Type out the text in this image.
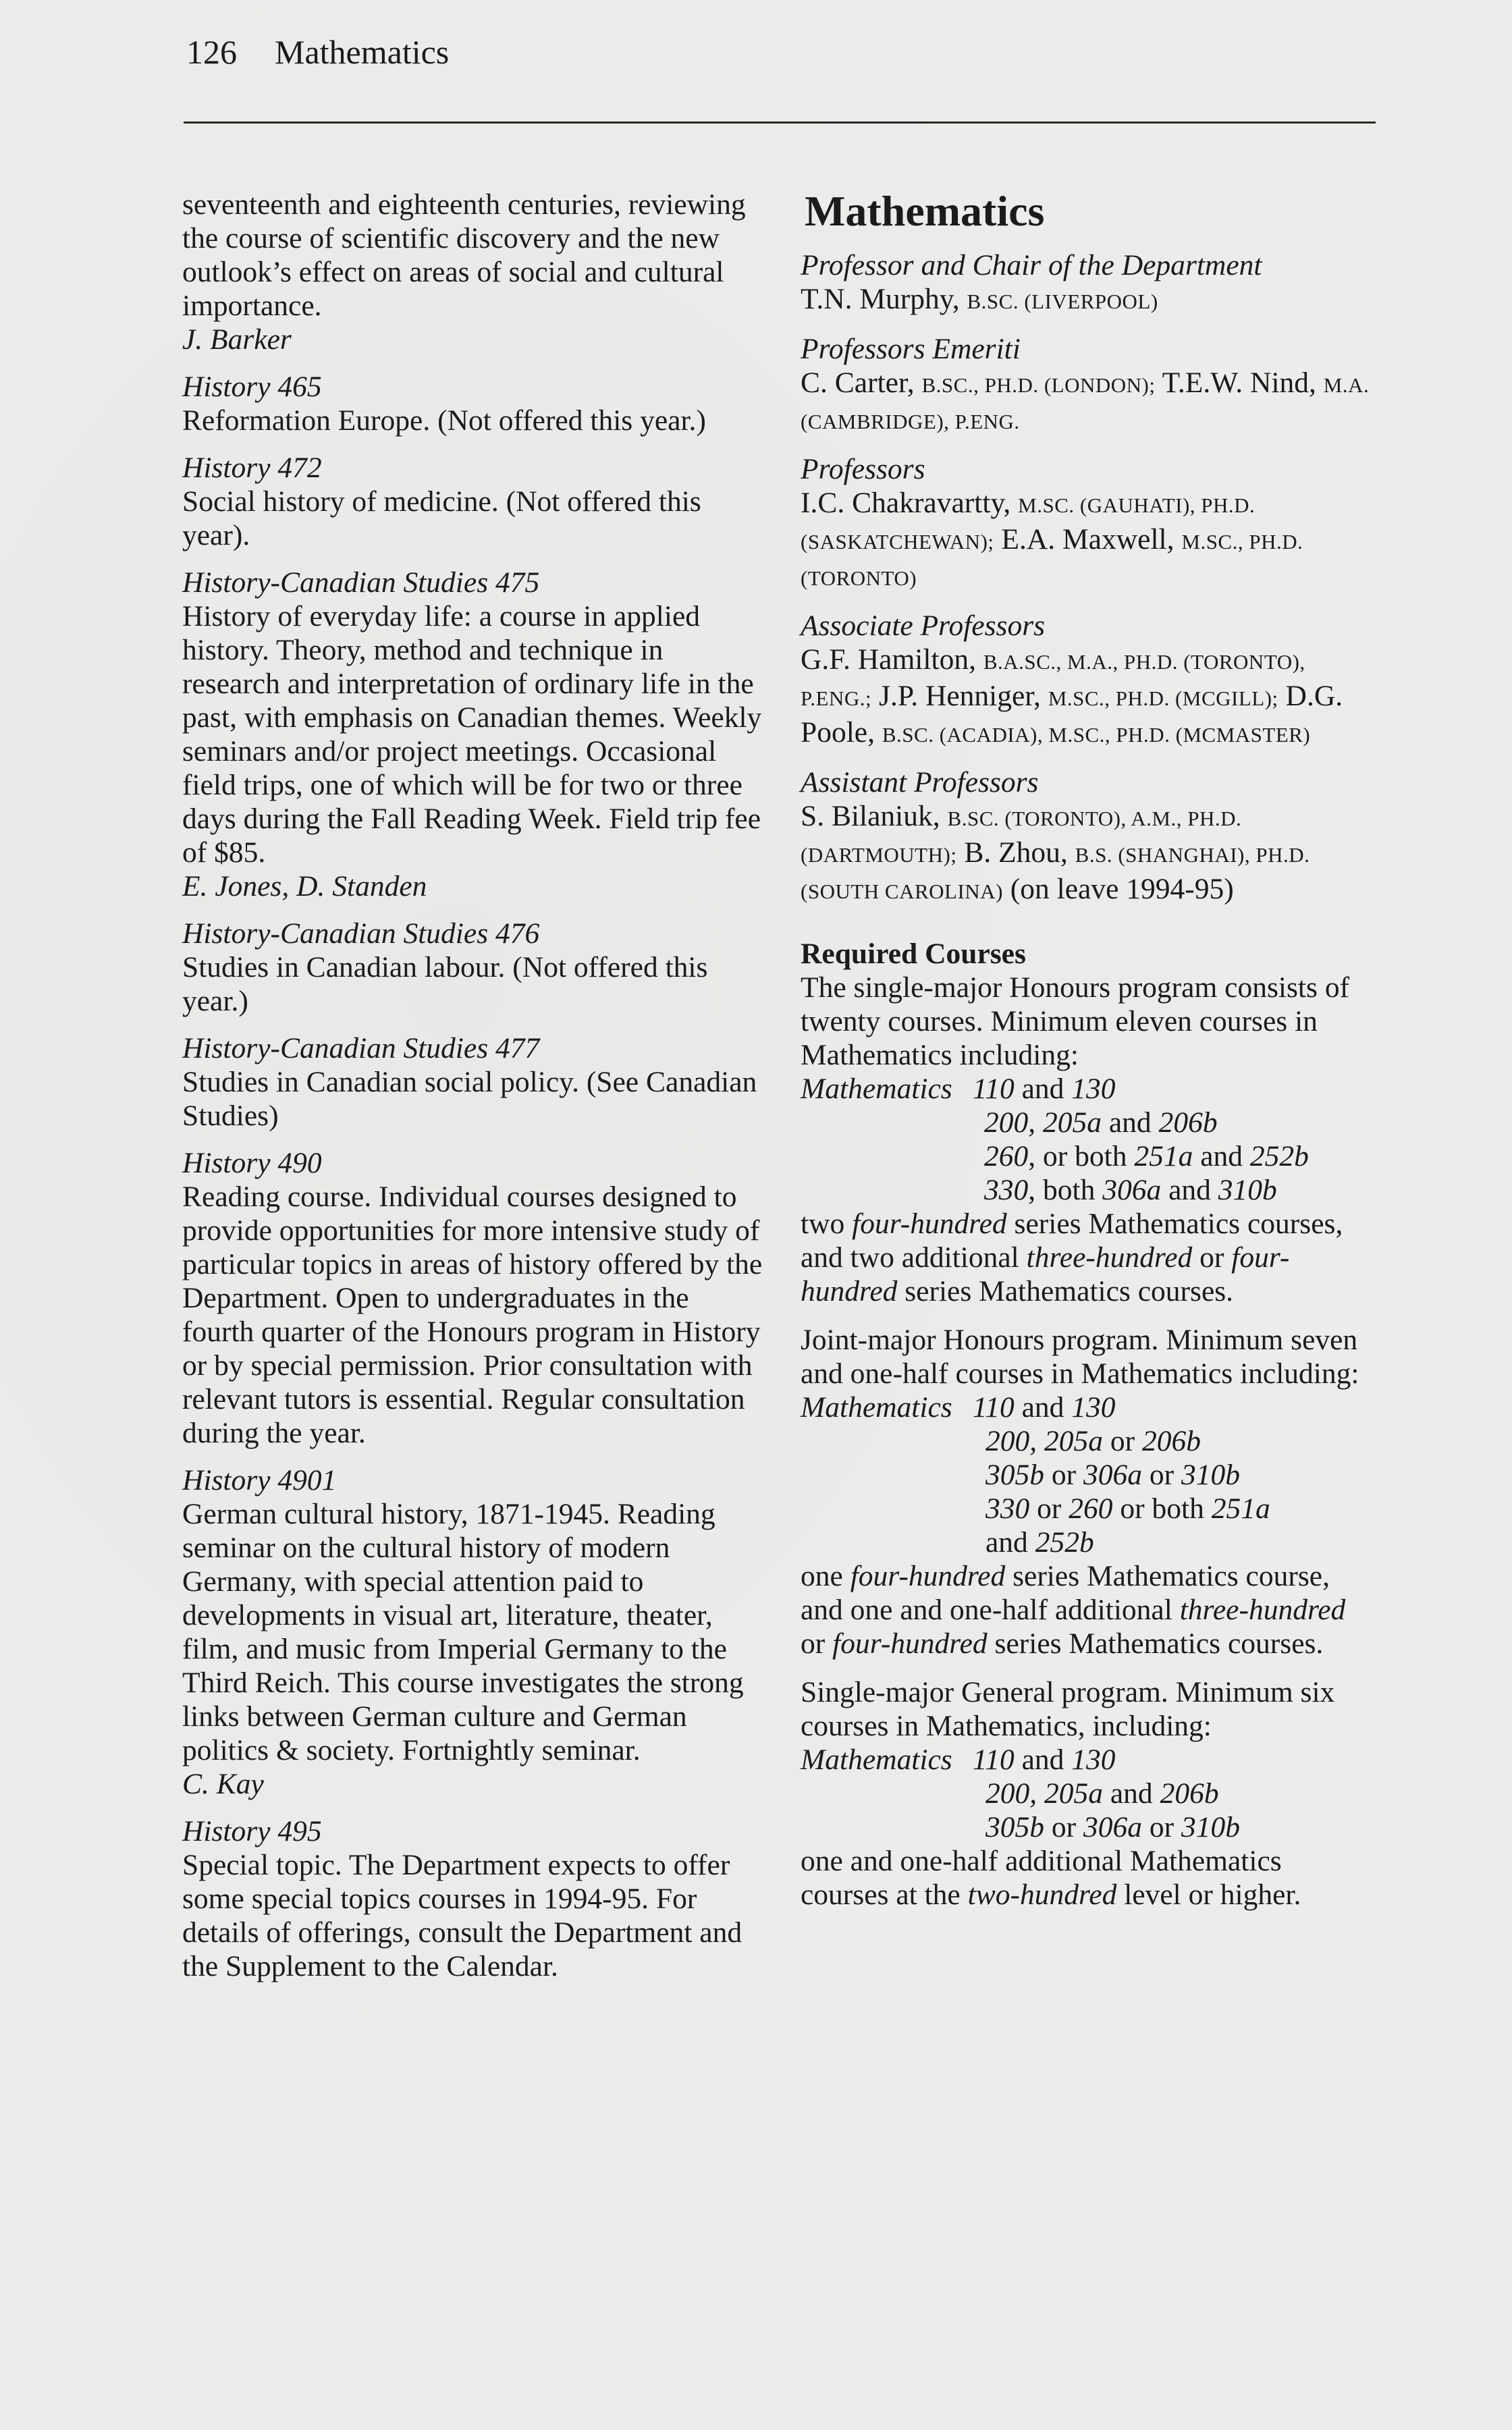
126 Mathematics
seventeenth and eighteenth centuries, reviewing the course of scientific discovery and the new outlook’s effect on areas of social and cultural importance.
J. Barker
History 465
Reformation Europe. (Not offered this year.)
History 472
Social history of medicine. (Not offered this year).
History-Canadian Studies 475
History of everyday life: a course in applied history. Theory, method and technique in research and interpretation of ordinary life in the past, with emphasis on Canadian themes. Weekly seminars and/or project meetings. Occasional field trips, one of which will be for two or three days during the Fall Reading Week. Field trip fee of $85.
E. Jones, D. Standen
History-Canadian Studies 476
Studies in Canadian labour. (Not offered this year.)
History-Canadian Studies 477
Studies in Canadian social policy. (See Canadian Studies)
History 490
Reading course. Individual courses designed to provide opportunities for more intensive study of particular topics in areas of history offered by the Department. Open to undergraduates in the fourth quarter of the Honours program in History or by special permission. Prior consultation with relevant tutors is essential. Regular consultation during the year.
History 4901
German cultural history, 1871-1945. Reading seminar on the cultural history of modern Germany, with special attention paid to developments in visual art, literature, theater, film, and music from Imperial Germany to the Third Reich. This course investigates the strong links between German culture and German politics & society. Fortnightly seminar.
C. Kay
History 495
Special topic. The Department expects to offer some special topics courses in 1994-95. For details of offerings, consult the Department and the Supplement to the Calendar.
Mathematics
Professor and Chair of the Department
T.N. Murphy, B.SC. (LIVERPOOL)
Professors Emeriti
C. Carter, B.SC., PH.D. (LONDON); T.E.W. Nind, M.A. (CAMBRIDGE), P.ENG.
Professors
I.C. Chakravartty, M.SC. (GAUHATI), PH.D. (SASKATCHEWAN); E.A. Maxwell, M.SC., PH.D. (TORONTO)
Associate Professors
G.F. Hamilton, B.A.SC., M.A., PH.D. (TORONTO), P.ENG.; J.P. Henniger, M.SC., PH.D. (MCGILL); D.G. Poole, B.SC. (ACADIA), M.SC., PH.D. (MCMASTER)
Assistant Professors
S. Bilaniuk, B.SC. (TORONTO), A.M., PH.D. (DARTMOUTH); B. Zhou, B.S. (SHANGHAI), PH.D. (SOUTH CAROLINA) (on leave 1994-95)
Required Courses
The single-major Honours program consists of twenty courses. Minimum eleven courses in Mathematics including:
Mathematics 110 and 130
200, 205a and 206b
260, or both 251a and 252b
330, both 306a and 310b
two four-hundred series Mathematics courses, and two additional three-hundred or four-hundred series Mathematics courses.
Joint-major Honours program. Minimum seven and one-half courses in Mathematics including:
Mathematics 110 and 130
200, 205a or 206b
305b or 306a or 310b
330 or 260 or both 251a
and 252b
one four-hundred series Mathematics course, and one and one-half additional three-hundred or four-hundred series Mathematics courses.
Single-major General program. Minimum six courses in Mathematics, including:
Mathematics 110 and 130
200, 205a and 206b
305b or 306a or 310b
one and one-half additional Mathematics courses at the two-hundred level or higher.
